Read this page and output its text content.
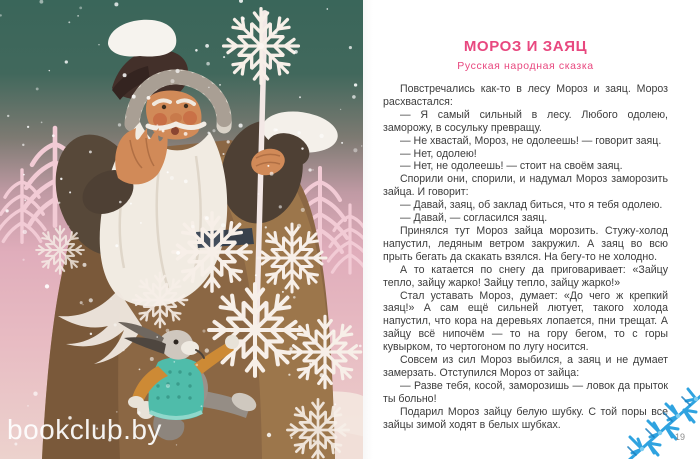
bookclub.by
МОРОЗ И ЗАЯЦ
Русская народная сказка

Повстречались как-то в лесу Мороз и заяц. Мороз расхвастался:

— Я самый сильный в лесу. Любого одолею, заморожу, в сосульку превращу.

— Не хвастай, Мороз, не одолеешь! — говорит заяц.

— Нет, одолею!

— Нет, не одолеешь! — стоит на своём заяц.

Спорили они, спорили, и надумал Мороз заморозить зайца. И говорит:

— Давай, заяц, об заклад биться, что я тебя одолею.

— Давай, — согласился заяц.

Принялся тут Мороз зайца морозить. Стужу-холод напустил, ледяным ветром закружил. А заяц во всю прыть бегать да скакать взялся. На бегу-то не холодно.

А то катается по снегу да приговаривает: «Зайцу тепло, зайцу жарко! Зайцу тепло, зайцу жарко!»

Стал уставать Мороз, думает: «До чего ж крепкий заяц!» А сам ещё сильней лютует, такого холода напустил, что кора на деревьях лопается, пни трещат. А зайцу всё нипочём — то на гору бегом, то с горы кувырком, то чертогоном по лугу носится.

Совсем из сил Мороз выбился, а заяц и не думает замерзать. Отступился Мороз от зайца:

— Разве тебя, косой, заморозишь — ловок да прыток ты больно!

Подарил Мороз зайцу белую шубку. С той поры все зайцы зимой ходят в белых шубках.

19
